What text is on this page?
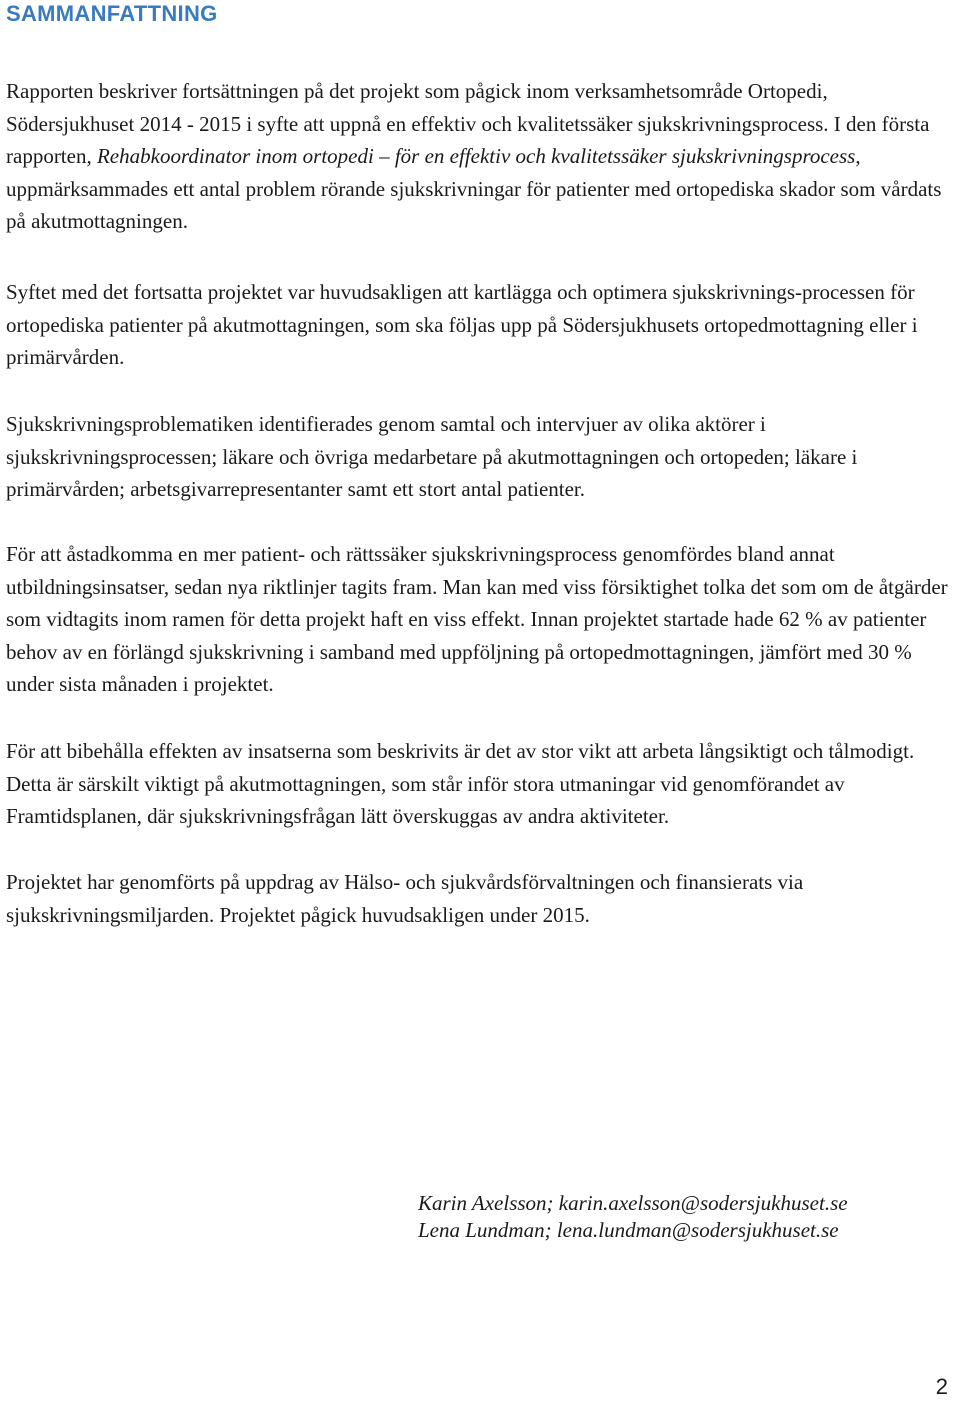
SAMMANFATTNING

Rapporten beskriver fortsättningen på det projekt som pågick inom verksamhetsområde Ortopedi, Södersjukhuset 2014 - 2015 i syfte att uppnå en effektiv och kvalitetssäker sjukskrivningsprocess. I den första rapporten, Rehabkoordinator inom ortopedi – för en effektiv och kvalitetssäker sjukskrivningsprocess, uppmärksammades ett antal problem rörande sjukskrivningar för patienter med ortopediska skador som vårdats på akutmottagningen.

Syftet med det fortsatta projektet var huvudsakligen att kartlägga och optimera sjukskrivnings-processen för ortopediska patienter på akutmottagningen, som ska följas upp på Södersjukhusets ortopedmottagning eller i primärvården.

Sjukskrivningsproblematiken identifierades genom samtal och intervjuer av olika aktörer i sjukskrivningsprocessen; läkare och övriga medarbetare på akutmottagningen och ortopeden; läkare i primärvården; arbetsgivarrepresentanter samt ett stort antal patienter.

För att åstadkomma en mer patient- och rättssäker sjukskrivningsprocess genomfördes bland annat utbildningsinsatser, sedan nya riktlinjer tagits fram. Man kan med viss försiktighet tolka det som om de åtgärder som vidtagits inom ramen för detta projekt haft en viss effekt. Innan projektet startade hade 62 % av patienter behov av en förlängd sjukskrivning i samband med uppföljning på ortopedmottagningen, jämfört med 30 % under sista månaden i projektet.

För att bibehålla effekten av insatserna som beskrivits är det av stor vikt att arbeta långsiktigt och tålmodigt. Detta är särskilt viktigt på akutmottagningen, som står inför stora utmaningar vid genomförandet av Framtidsplanen, där sjukskrivningsfrågan lätt överskuggas av andra aktiviteter.

Projektet har genomförts på uppdrag av Hälso- och sjukvårdsförvaltningen och finansierats via sjukskrivningsmiljarden. Projektet pågick huvudsakligen under 2015.

Karin Axelsson; karin.axelsson@sodersjukhuset.se
Lena Lundman; lena.lundman@sodersjukhuset.se
2
